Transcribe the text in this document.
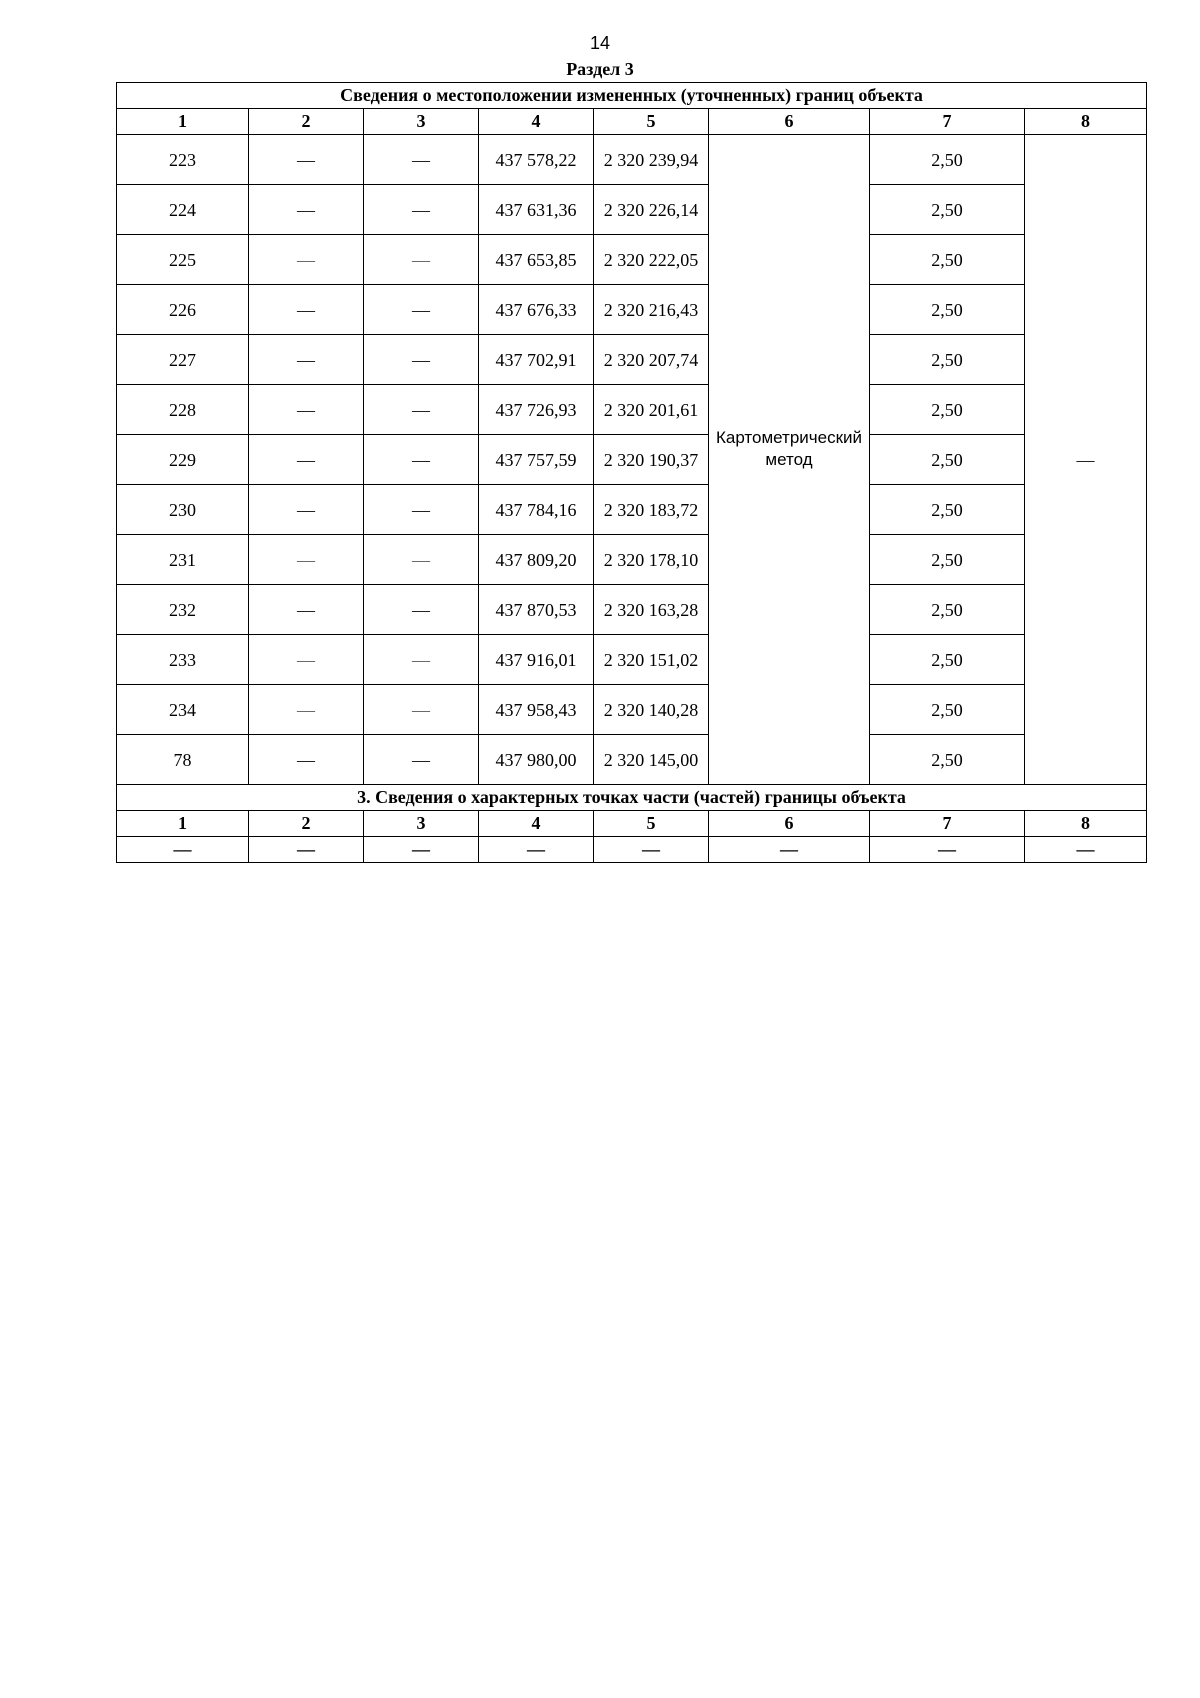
14
Раздел 3
Сведения о местоположении измененных (уточненных) границ объекта							
1	2	3	4	5	6	7	8
223	—	—	437 578,22	2 320 239,94	Картометрический метод	2,50	—
224	—	—	437 631,36	2 320 226,14		2,50	
225	—	—	437 653,85	2 320 222,05		2,50	
226	—	—	437 676,33	2 320 216,43		2,50	
227	—	—	437 702,91	2 320 207,74		2,50	
228	—	—	437 726,93	2 320 201,61		2,50	
229	—	—	437 757,59	2 320 190,37		2,50	
230	—	—	437 784,16	2 320 183,72		2,50	
231	—	—	437 809,20	2 320 178,10		2,50	
232	—	—	437 870,53	2 320 163,28		2,50	
233	—	—	437 916,01	2 320 151,02		2,50	
234	—	—	437 958,43	2 320 140,28		2,50	
78	—	—	437 980,00	2 320 145,00		2,50	
3. Сведения о характерных точках части (частей) границы объекта							
1	2	3	4	5	6	7	8
—	—	—	—	—	—	—	—
